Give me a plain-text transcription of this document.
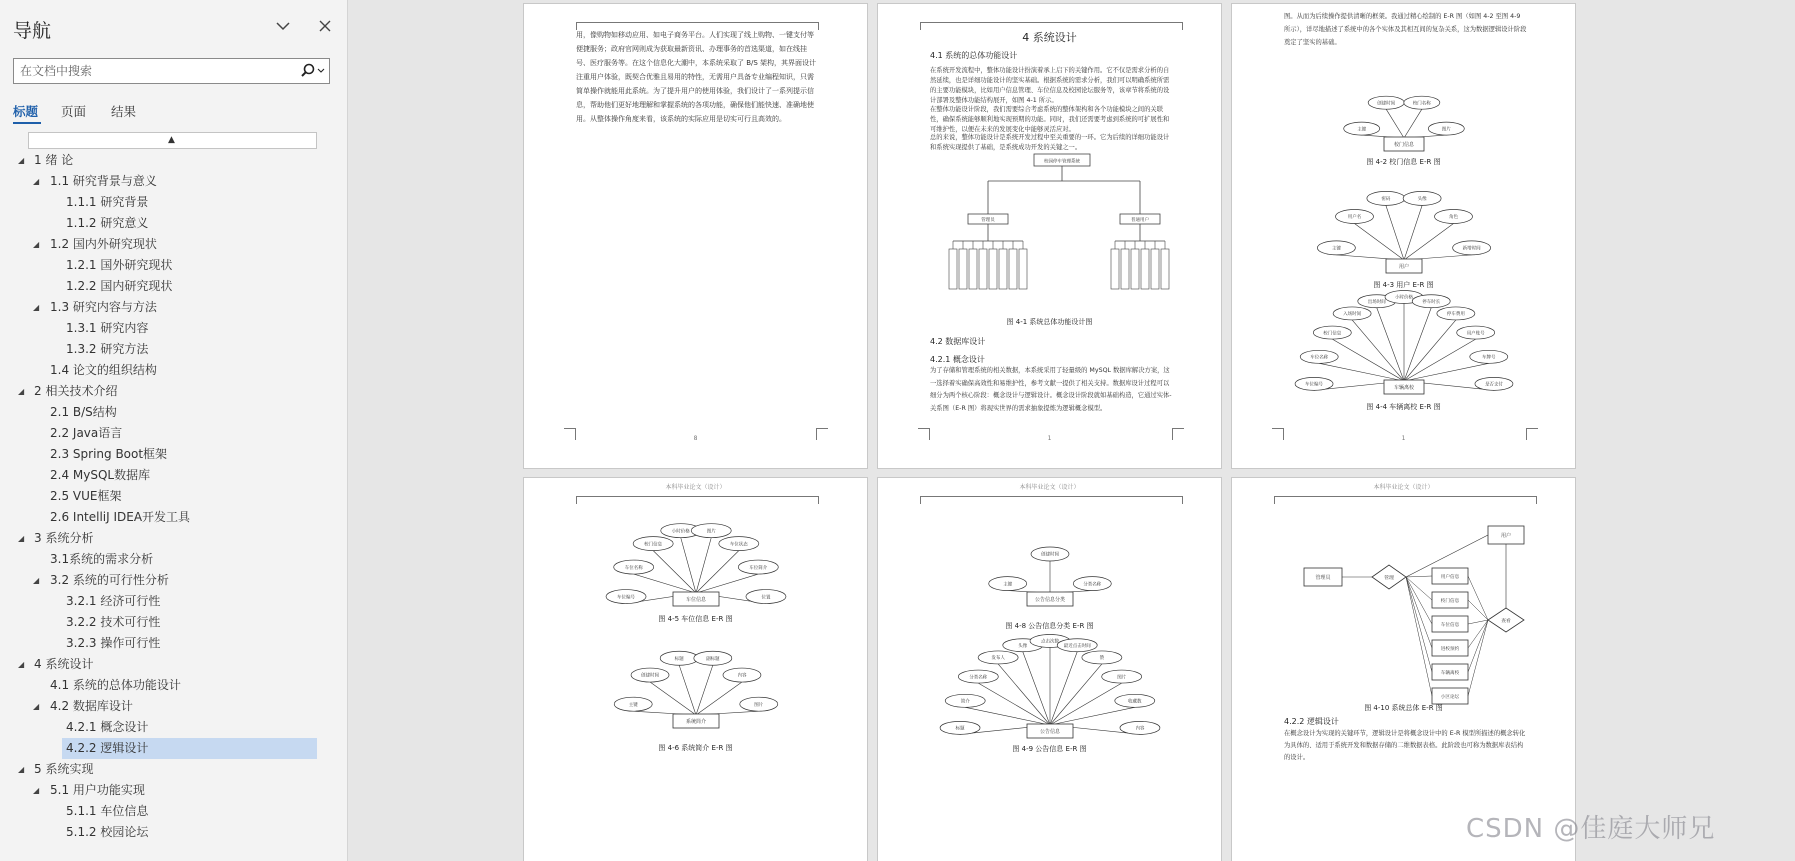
导航
在文档中搜索
标题 页面 结果
▲
◢ 1 绪 论
◢ 1.1 研究背景与意义
1.1.1 研究背景
1.1.2 研究意义
◢ 1.2 国内外研究现状
1.2.1 国外研究现状
1.2.2 国内研究现状
◢ 1.3 研究内容与方法
1.3.1 研究内容
1.3.2 研究方法
1.4 论文的组织结构
◢ 2 相关技术介绍
2.1 B/S结构
2.2 Java语言
2.3 Spring Boot框架
2.4 MySQL数据库
2.5 VUE框架
2.6 IntelliJ IDEA开发工具
◢ 3 系统分析
3.1系统的需求分析
◢ 3.2 系统的可行性分析
3.2.1 经济可行性
3.2.2 技术可行性
3.2.3 操作可行性
◢ 4 系统设计
4.1 系统的总体功能设计
◢ 4.2 数据库设计
4.2.1 概念设计
4.2.2 逻辑设计
◢ 5 系统实现
◢ 5.1 用户功能实现
5.1.1 车位信息
5.1.2 校园论坛
用，像购物如移动应用、如电子商务平台。人们实现了线上购物、一键支付等便捷服务；政府官网则成为获取最新资讯、办理事务的首选渠道，如在线挂号、医疗服务等。在这个信息化大潮中，本系统采取了 B/S 架构，其界面设计注重用户体验，既契合优雅且易用的特性，无需用户具备专业编程知识，只需简单操作就能用此系统。为了提升用户的使用体验，我们设计了一系列提示信息，帮助他们更好地理解和掌握系统的各项功能，确保他们能快速、准确地使用。从整体操作角度来看，该系统的实际应用是切实可行且高效的。
8
4 系统设计
4.1 系统的总体功能设计
在系统开发流程中，整体功能设计扮演着承上启下的关键作用。它不仅是需求分析的自然延续，也是详细功能设计的坚实基础。根据系统的需求分析，我们可以明确系统所需的主要功能模块，比如用户信息管理、车位信息及校园论坛服务等，该章节将系统的设计部署及整体功能结构展开，如图 4-1 所示。
在整体功能设计阶段，我们需要综合考虑系统的整体架构和各个功能模块之间的关联性，确保系统能够顺利地实现预期的功能。同时，我们还需要考虑到系统的可扩展性和可维护性，以便在未来的发展变化中能够灵活应对。
总的来说，整体功能设计是系统开发过程中至关重要的一环。它为后续的详细功能设计和系统实现提供了基础，是系统成功开发的关键之一。
校园停车管理系统
管理员	普通用户
图 4-1 系统总体功能设计图
4.2 数据库设计
4.2.1 概念设计
为了存储和管理系统的相关数据，本系统采用了轻量级的 MySQL 数据库解决方案，这一选择着实确保高效性和易维护性，参考文献一提供了相关支持。数据库设计过程可以细分为两个核心阶段：概念设计与逻辑设计。概念设计阶段就如基础构造，它通过实体-关系图（E-R 图）将现实世界的需求抽象提炼为逻辑概念模型。
1
图。从而为后续操作提供清晰的框架。我通过精心绘制的 E-R 图（如图 4-2 至图 4-9 所示），详尽地描述了系统中的各个实体及其相互间的复杂关系，这为数据逻辑设计阶段奠定了坚实的基础。
主键
创建时间	校门名称
图片
校门信息
主键
用户名
密码	头像
角色
新增时间
用户
车位编号
车位名称
校门信息
入场时间
出场时间
小时价格
停车时长
停车费用
用户账号
车牌号
是否支付
车辆离校
图 4-2 校门信息 E-R 图
图 4-3 用户 E-R 图
图 4-4 车辆离校 E-R 图
1
本科毕业论文（设计）
车位编号
车位名称
校门信息
小时价格	图片
车位状态
车位简介
位置
车位信息
主键
创建时间
标题	副标题
内容
图片
系统简介
图 4-5 车位信息 E-R 图
图 4-6 系统简介 E-R 图
本科毕业论文（设计）
主键
创建时间
分类名称
公告信息分类
标题
简介
分类名称
发布人
头像
点击次数
最近点击时间
赞
图片
收藏数
内容
公告信息
图 4-8 公告信息分类 E-R 图
图 4-9 公告信息 E-R 图
本科毕业论文（设计）
管理员	管理
用户
查看
用户信息
校门信息
车位信息
进校预约
车辆离校
小区论坛
图 4-10 系统总体 E-R 图
4.2.2 逻辑设计
在概念设计为实现的关键环节，逻辑设计是将概念设计中的 E-R 模型所描述的概念转化为具体的、适用于系统开发和数据存储的二维数据表格。此阶段也可称为数据库表结构的设计。
CSDN @佳庭大师兄
